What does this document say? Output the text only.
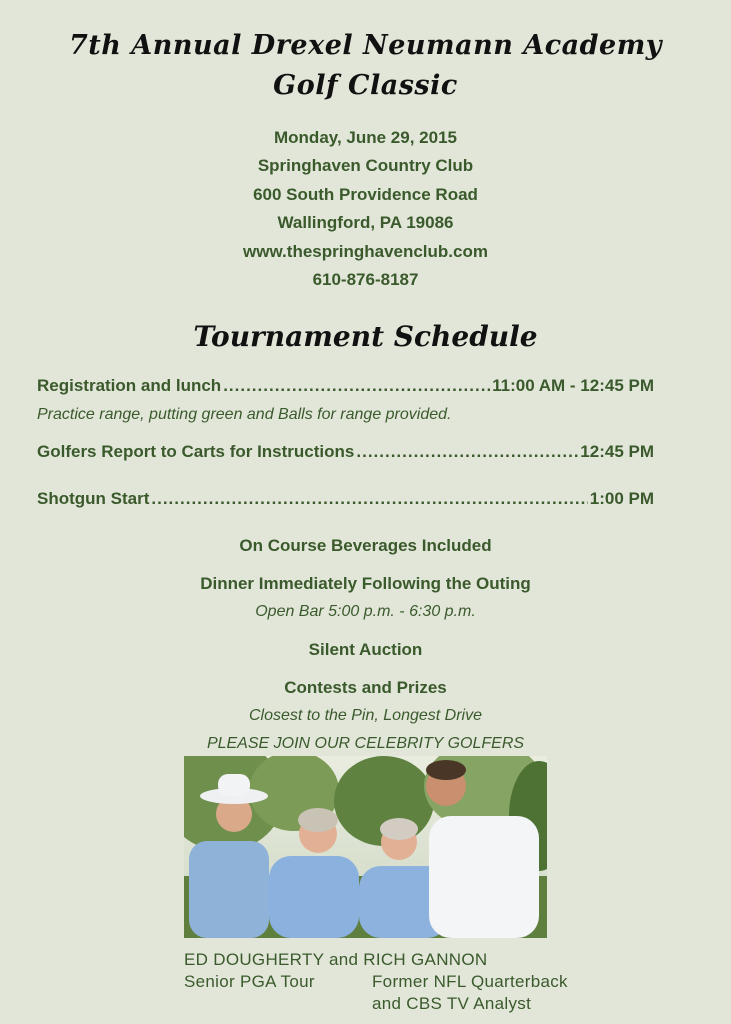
7th Annual Drexel Neumann Academy
Golf Classic
Monday, June 29, 2015
Springhaven Country Club
600 South Providence Road
Wallingford, PA 19086
www.thespringhavenclub.com
610-876-8187
Tournament Schedule
Registration and lunch .....	11:00 AM - 12:45 PM
Practice range, putting green and Balls for range provided.
Golfers Report to Carts for Instructions .....	12:45 PM
Shotgun Start .....	1:00 PM
On Course Beverages Included
Dinner Immediately Following the Outing
Open Bar 5:00 p.m. - 6:30 p.m.
Silent Auction
Contests and Prizes
Closest to the Pin, Longest Drive
PLEASE JOIN OUR CELEBRITY GOLFERS
ED DOUGHERTY and RICH GANNON
Senior PGA Tour	Former NFL Quarterback
and CBS TV Analyst
